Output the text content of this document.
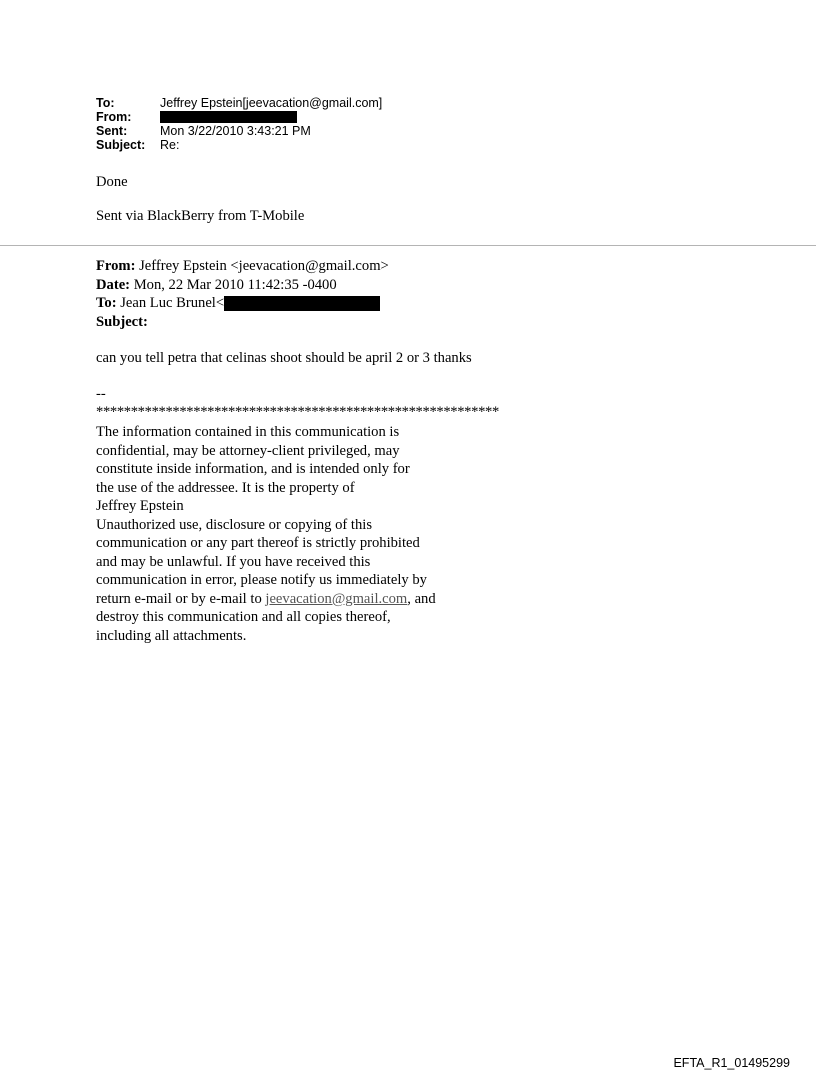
To:	Jeffrey Epstein[jeevacation@gmail.com]
From:
Sent:	Mon 3/22/2010 3:43:21 PM
Subject:	Re:
Done
Sent via BlackBerry from T-Mobile
From: Jeffrey Epstein <jeevacation@gmail.com>
Date: Mon, 22 Mar 2010 11:42:35 -0400
To: Jean Luc Brunel<
Subject:
can you tell petra that celinas shoot should be april 2 or 3 thanks
--
**********************************************************
The information contained in this communication is
confidential, may be attorney-client privileged, may
constitute inside information, and is intended only for
the use of the addressee. It is the property of
Jeffrey Epstein
Unauthorized use, disclosure or copying of this
communication or any part thereof is strictly prohibited
and may be unlawful. If you have received this
communication in error, please notify us immediately by
return e-mail or by e-mail to jeevacation@gmail.com, and
destroy this communication and all copies thereof,
including all attachments.
EFTA_R1_01495299
